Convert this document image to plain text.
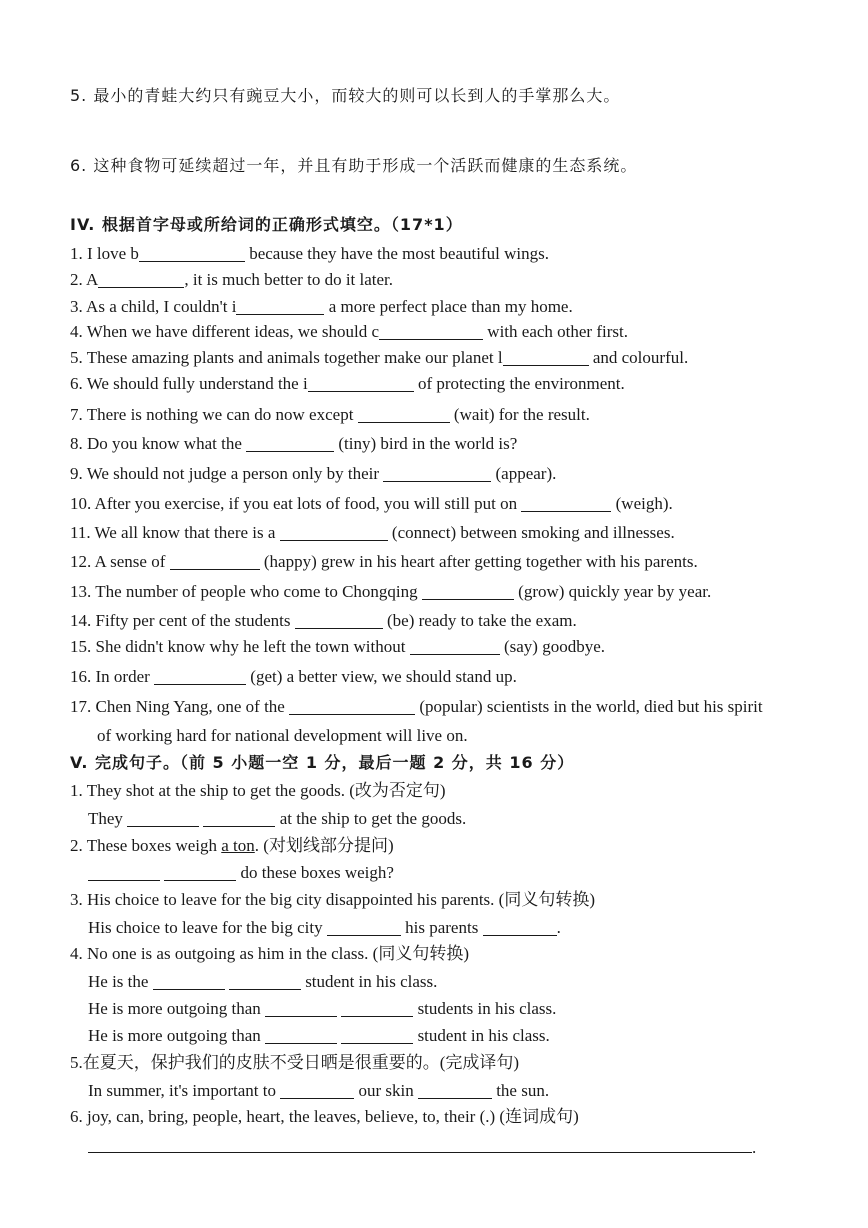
5. 最小的青蛙大约只有豌豆大小，而较大的则可以长到人的手掌那么大。
6. 这种食物可延续超过一年，并且有助于形成一个活跃而健康的生态系统。
IV. 根据首字母或所给词的正确形式填空。（17*1）
1. I love b	because they have the most beautiful wings.
2. A	, it is much better to do it later.
3. As a child, I couldn't i	a more perfect place than my home.
4. When we have different ideas, we should c	with each other first.
5. These amazing plants and animals together make our planet l	and colourful.
6. We should fully understand the i	of protecting the environment.
7. There is nothing we can do now except	(wait) for the result.
8. Do you know what the	(tiny) bird in the world is?
9. We should not judge a person only by their	(appear).
10. After you exercise, if you eat lots of food, you will still put on	(weigh).
11. We all know that there is a	(connect) between smoking and illnesses.
12. A sense of	(happy) grew in his heart after getting together with his parents.
13. The number of people who come to Chongqing	(grow) quickly year by year.
14. Fifty per cent of the students	(be) ready to take the exam.
15. She didn't know why he left the town without	(say) goodbye.
16. In order	(get) a better view, we should stand up.
17. Chen Ning Yang, one of the	(popular) scientists in the world, died but his spirit
of working hard for national development will live on.
V. 完成句子。（前 5 小题一空 1 分，最后一题 2 分，共 16 分）
1. They shot at the ship to get the goods. (改为否定句)
They	at the ship to get the goods.
2. These boxes weigh a ton. (对划线部分提问)
do these boxes weigh?
3. His choice to leave for the big city disappointed his parents. (同义句转换)
His choice to leave for the big city	his parents	.
4. No one is as outgoing as him in the class. (同义句转换)
He is the	student in his class.
He is more outgoing than	students in his class.
He is more outgoing than	student in his class.
5.在夏天，保护我们的皮肤不受日晒是很重要的。(完成译句)
In summer, it's important to	our skin	the sun.
6. joy, can, bring, people, heart, the leaves, believe, to, their (.) (连词成句)
.
